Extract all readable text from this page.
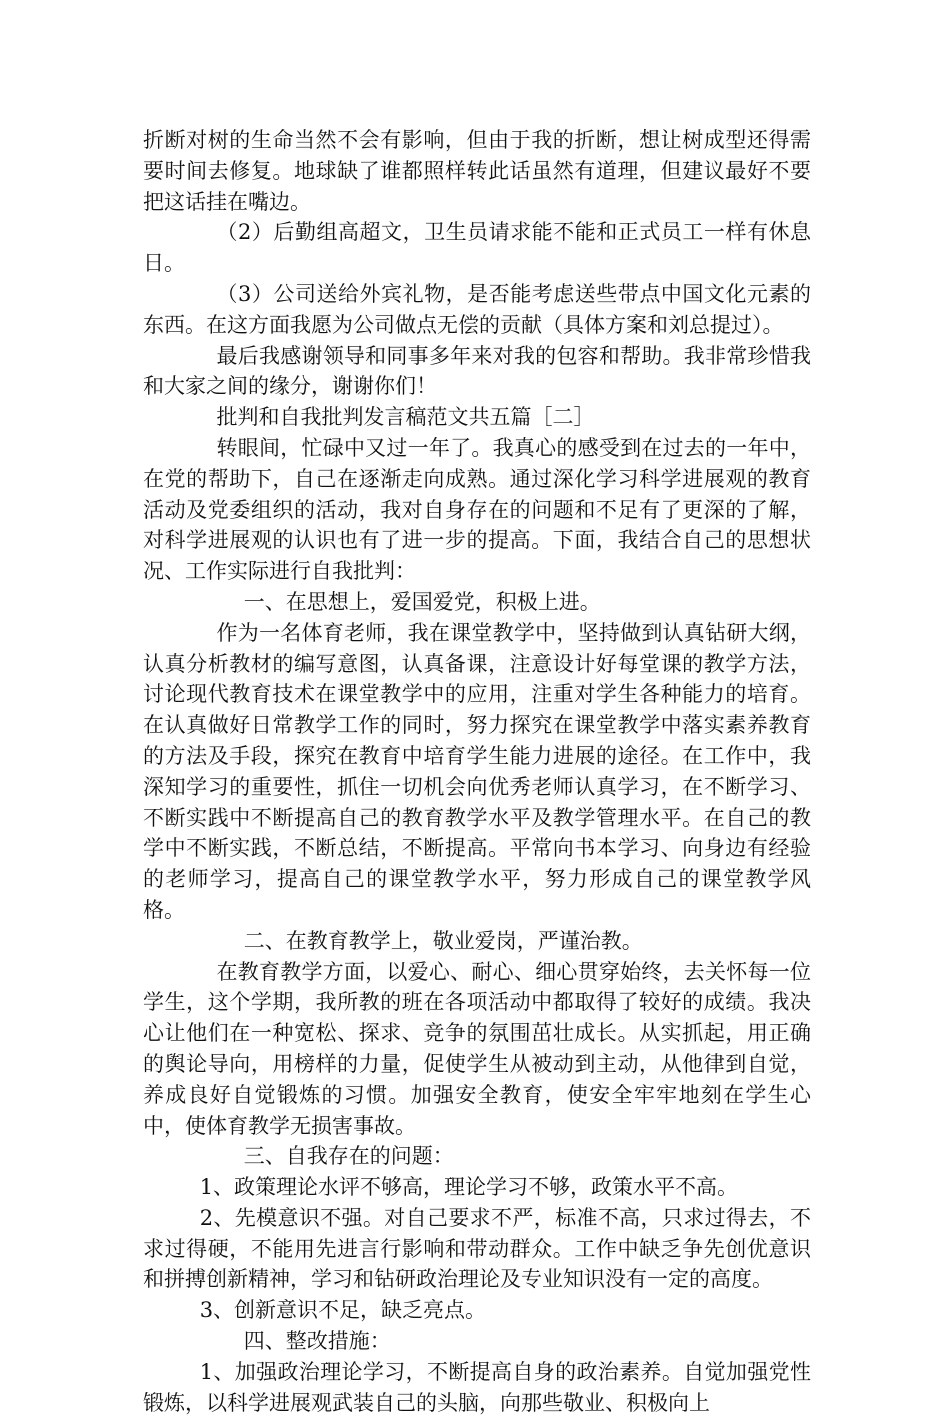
折断对树的生命当然不会有影响，但由于我的折断，想让树成型还得需要时间去修复。地球缺了谁都照样转此话虽然有道理，但建议最好不要把这话挂在嘴边。

（2）后勤组高超文，卫生员请求能不能和正式员工一样有休息日。

（3）公司送给外宾礼物，是否能考虑送些带点中国文化元素的东西。在这方面我愿为公司做点无偿的贡献（具体方案和刘总提过）。

最后我感谢领导和同事多年来对我的包容和帮助。我非常珍惜我和大家之间的缘分，谢谢你们！

批判和自我批判发言稿范文共五篇［二］

转眼间，忙碌中又过一年了。我真心的感受到在过去的一年中，在党的帮助下，自己在逐渐走向成熟。通过深化学习科学进展观的教育活动及党委组织的活动，我对自身存在的问题和不足有了更深的了解，对科学进展观的认识也有了进一步的提高。下面，我结合自己的思想状况、工作实际进行自我批判：

一、在思想上，爱国爱党，积极上进。

作为一名体育老师，我在课堂教学中，坚持做到认真钻研大纲，认真分析教材的编写意图，认真备课，注意设计好每堂课的教学方法，讨论现代教育技术在课堂教学中的应用，注重对学生各种能力的培育。在认真做好日常教学工作的同时，努力探究在课堂教学中落实素养教育的方法及手段，探究在教育中培育学生能力进展的途径。在工作中，我深知学习的重要性，抓住一切机会向优秀老师认真学习，在不断学习、不断实践中不断提高自己的教育教学水平及教学管理水平。在自己的教学中不断实践，不断总结，不断提高。平常向书本学习、向身边有经验的老师学习，提高自己的课堂教学水平，努力形成自己的课堂教学风格。

二、在教育教学上，敬业爱岗，严谨治教。

在教育教学方面，以爱心、耐心、细心贯穿始终，去关怀每一位学生，这个学期，我所教的班在各项活动中都取得了较好的成绩。我决心让他们在一种宽松、探求、竞争的氛围茁壮成长。从实抓起，用正确的舆论导向，用榜样的力量，促使学生从被动到主动，从他律到自觉，养成良好自觉锻炼的习惯。加强安全教育，使安全牢牢地刻在学生心中，使体育教学无损害事故。

三、自我存在的问题：

1、政策理论水评不够高，理论学习不够，政策水平不高。

2、先模意识不强。对自己要求不严，标准不高，只求过得去，不求过得硬，不能用先进言行影响和带动群众。工作中缺乏争先创优意识和拼搏创新精神，学习和钻研政治理论及专业知识没有一定的高度。

3、创新意识不足，缺乏亮点。

四、整改措施：

1、加强政治理论学习，不断提高自身的政治素养。自觉加强党性锻炼，以科学进展观武装自己的头脑，向那些敬业、积极向上
